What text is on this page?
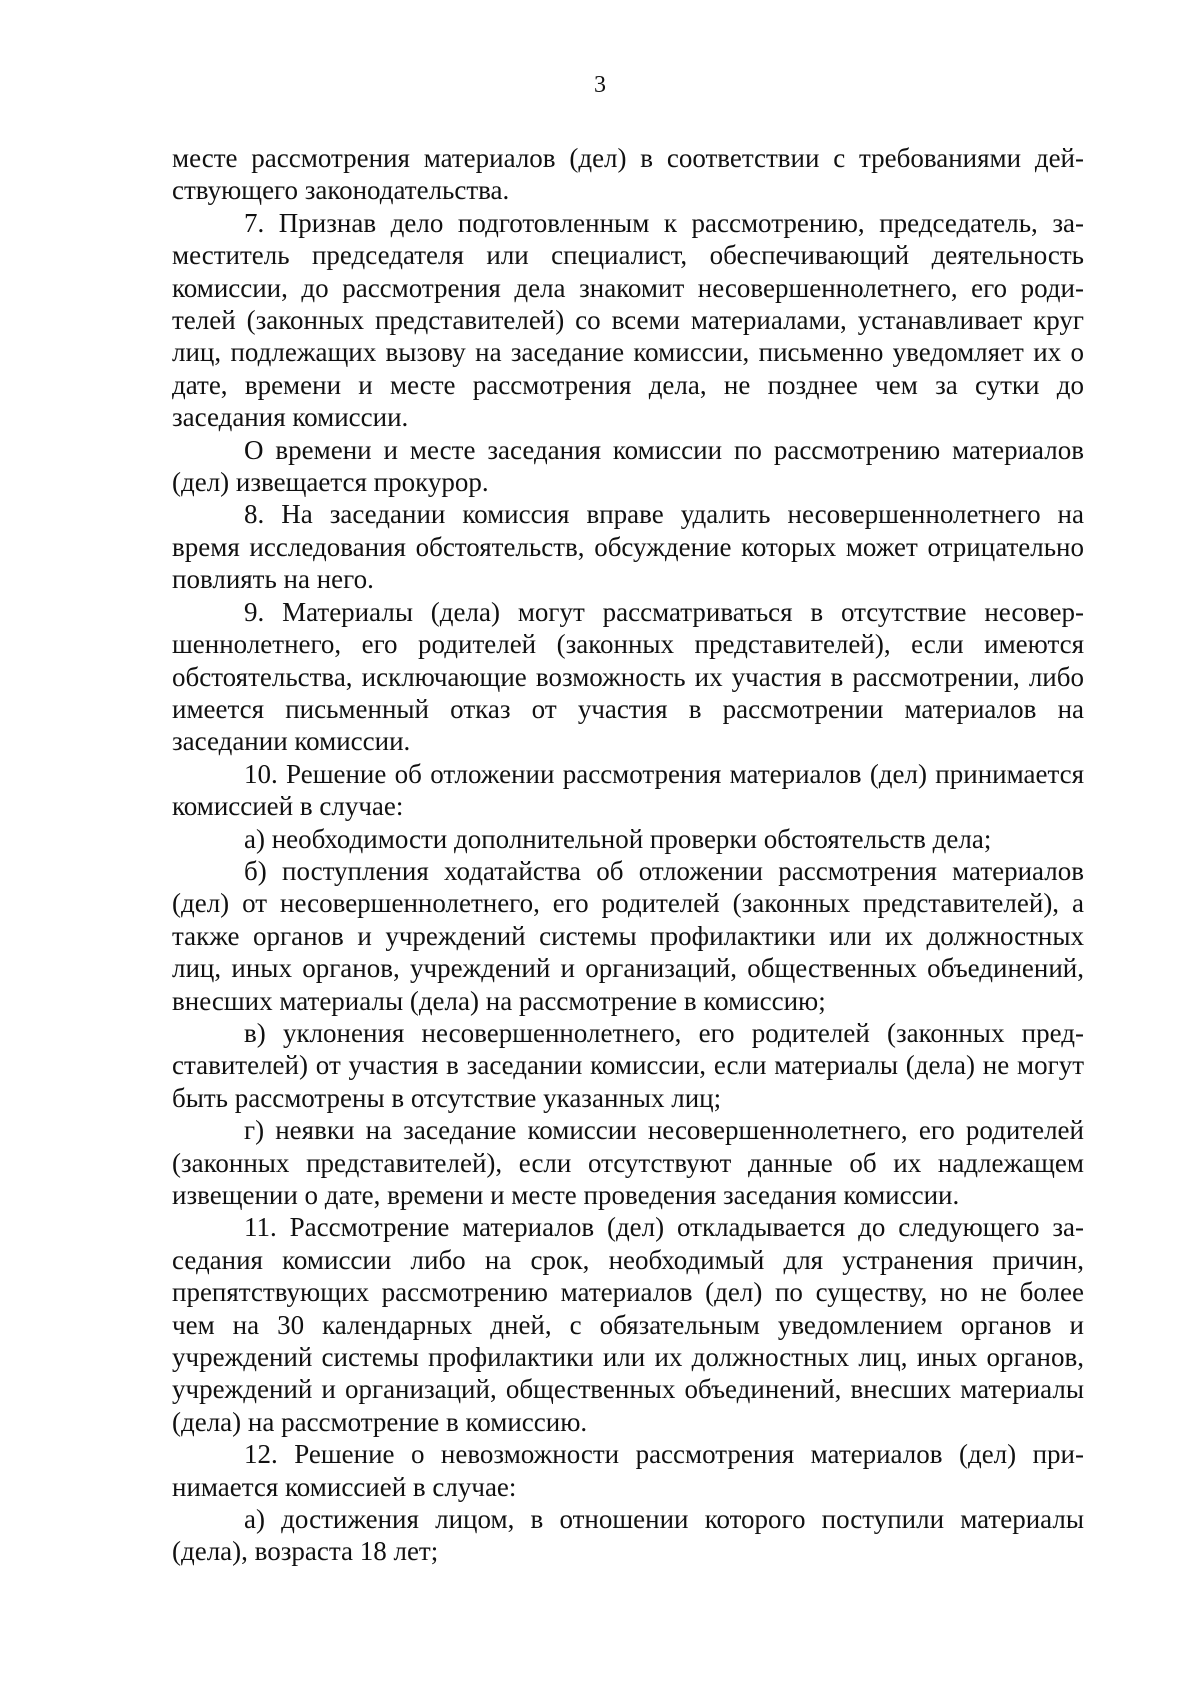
3

месте рассмотрения материалов (дел) в соответствии с требованиями действующего законодательства.

7. Признав дело подготовленным к рассмотрению, председатель, заместитель председателя или специалист, обеспечивающий деятельность комиссии, до рассмотрения дела знакомит несовершеннолетнего, его родителей (законных представителей) со всеми материалами, устанавливает круг лиц, подлежащих вызову на заседание комиссии, письменно уведомляет их о дате, времени и месте рассмотрения дела, не позднее чем за сутки до заседания комиссии.

О времени и месте заседания комиссии по рассмотрению материалов (дел) извещается прокурор.

8. На заседании комиссия вправе удалить несовершеннолетнего на время исследования обстоятельств, обсуждение которых может отрицательно повлиять на него.

9. Материалы (дела) могут рассматриваться в отсутствие несовершеннолетнего, его родителей (законных представителей), если имеются обстоятельства, исключающие возможность их участия в рассмотрении, либо имеется письменный отказ от участия в рассмотрении материалов на заседании комиссии.

10. Решение об отложении рассмотрения материалов (дел) принимается комиссией в случае:

а) необходимости дополнительной проверки обстоятельств дела;

б) поступления ходатайства об отложении рассмотрения материалов (дел) от несовершеннолетнего, его родителей (законных представителей), а также органов и учреждений системы профилактики или их должностных лиц, иных органов, учреждений и организаций, общественных объединений, внесших материалы (дела) на рассмотрение в комиссию;

в) уклонения несовершеннолетнего, его родителей (законных представителей) от участия в заседании комиссии, если материалы (дела) не могут быть рассмотрены в отсутствие указанных лиц;

г) неявки на заседание комиссии несовершеннолетнего, его родителей (законных представителей), если отсутствуют данные об их надлежащем извещении о дате, времени и месте проведения заседания комиссии.

11. Рассмотрение материалов (дел) откладывается до следующего заседания комиссии либо на срок, необходимый для устранения причин, препятствующих рассмотрению материалов (дел) по существу, но не более чем на 30 календарных дней, с обязательным уведомлением органов и учреждений системы профилактики или их должностных лиц, иных органов, учреждений и организаций, общественных объединений, внесших материалы (дела) на рассмотрение в комиссию.

12. Решение о невозможности рассмотрения материалов (дел) принимается комиссией в случае:

а) достижения лицом, в отношении которого поступили материалы (дела), возраста 18 лет;
